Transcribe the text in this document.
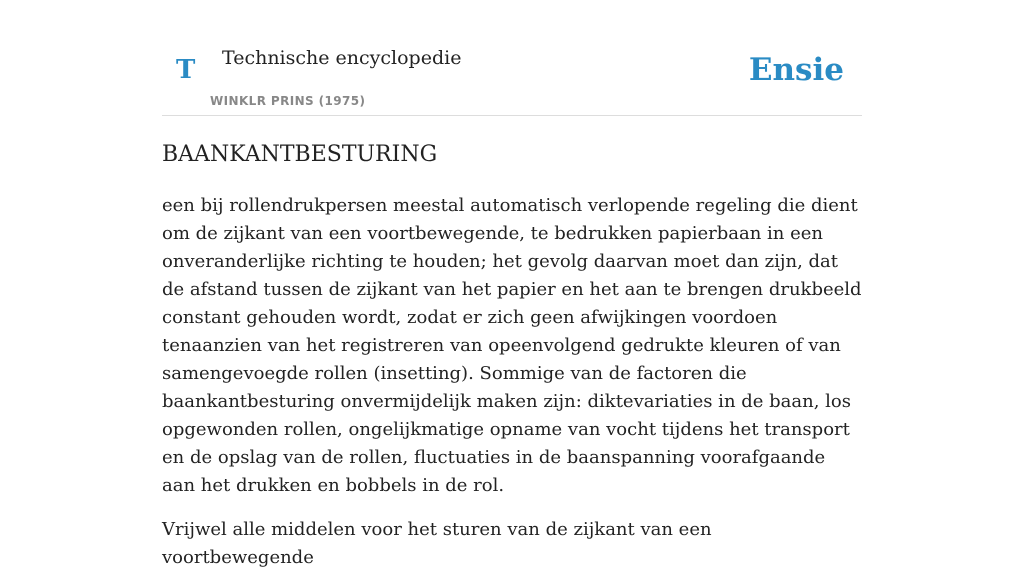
T Technische encyclopedie
WINKLR PRINS (1975)
Ensie
BAANKANTBESTURING

een bij rollendrukpersen meestal automatisch verlopende regeling die dient om de zijkant van een voortbewegende, te bedrukken papierbaan in een onveranderlijke richting te houden; het gevolg daarvan moet dan zijn, dat de afstand tussen de zijkant van het papier en het aan te brengen drukbeeld constant gehouden wordt, zodat er zich geen afwijkingen voordoen tenaanzien van het registreren van opeenvolgend gedrukte kleuren of van samengevoegde rollen (insetting). Sommige van de factoren die baankantbesturing onvermijdelijk maken zijn: diktevariaties in de baan, los opgewonden rollen, ongelijkmatige opname van vocht tijdens het transport en de opslag van de rollen, fluctuaties in de baanspanning voorafgaande aan het drukken en bobbels in de rol.

Vrijwel alle middelen voor het sturen van de zijkant van een voortbewegende
